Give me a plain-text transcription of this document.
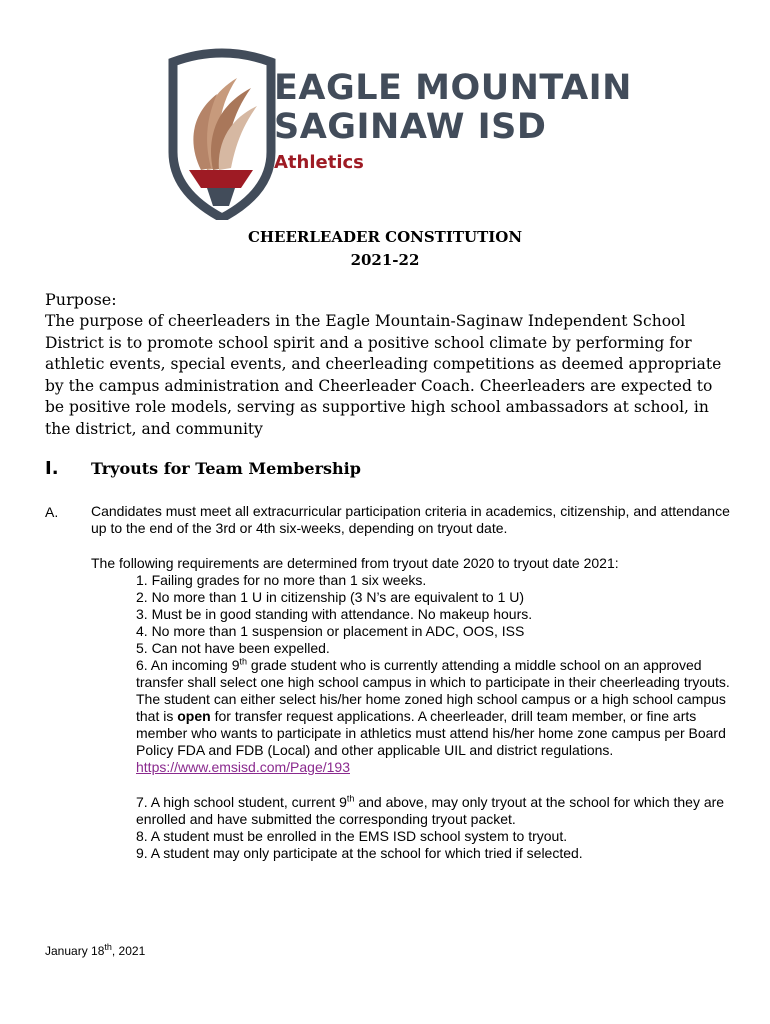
EAGLE MOUNTAIN
SAGINAW ISD
Athletics
CHEERLEADER CONSTITUTION
2021-22
Purpose:
The purpose of cheerleaders in the Eagle Mountain-Saginaw Independent School District is to promote school spirit and a positive school climate by performing for athletic events, special events, and cheerleading competitions as deemed appropriate by the campus administration and Cheerleader Coach. Cheerleaders are expected to be positive role models, serving as supportive high school ambassadors at school, in the district, and community
I. Tryouts for Team Membership
A. Candidates must meet all extracurricular participation criteria in academics, citizenship, and attendance up to the end of the 3rd or 4th six-weeks, depending on tryout date.
The following requirements are determined from tryout date 2020 to tryout date 2021:

1. Failing grades for no more than 1 six weeks.

2. No more than 1 U in citizenship (3 N’s are equivalent to 1 U)

3. Must be in good standing with attendance. No makeup hours.

4. No more than 1 suspension or placement in ADC, OOS, ISS

5. Can not have been expelled.

6. An incoming 9th grade student who is currently attending a middle school on an approved transfer shall select one high school campus in which to participate in their cheerleading tryouts. The student can either select his/her home zoned high school campus or a high school campus that is open for transfer request applications. A cheerleader, drill team member, or fine arts member who wants to participate in athletics must attend his/her home zone campus per Board Policy FDA and FDB (Local) and other applicable UIL and district regulations. https://www.emsisd.com/Page/193

7. A high school student, current 9th and above, may only tryout at the school for which they are enrolled and have submitted the corresponding tryout packet.

8. A student must be enrolled in the EMS ISD school system to tryout.

9. A student may only participate at the school for which tried if selected.

January 18th, 2021
